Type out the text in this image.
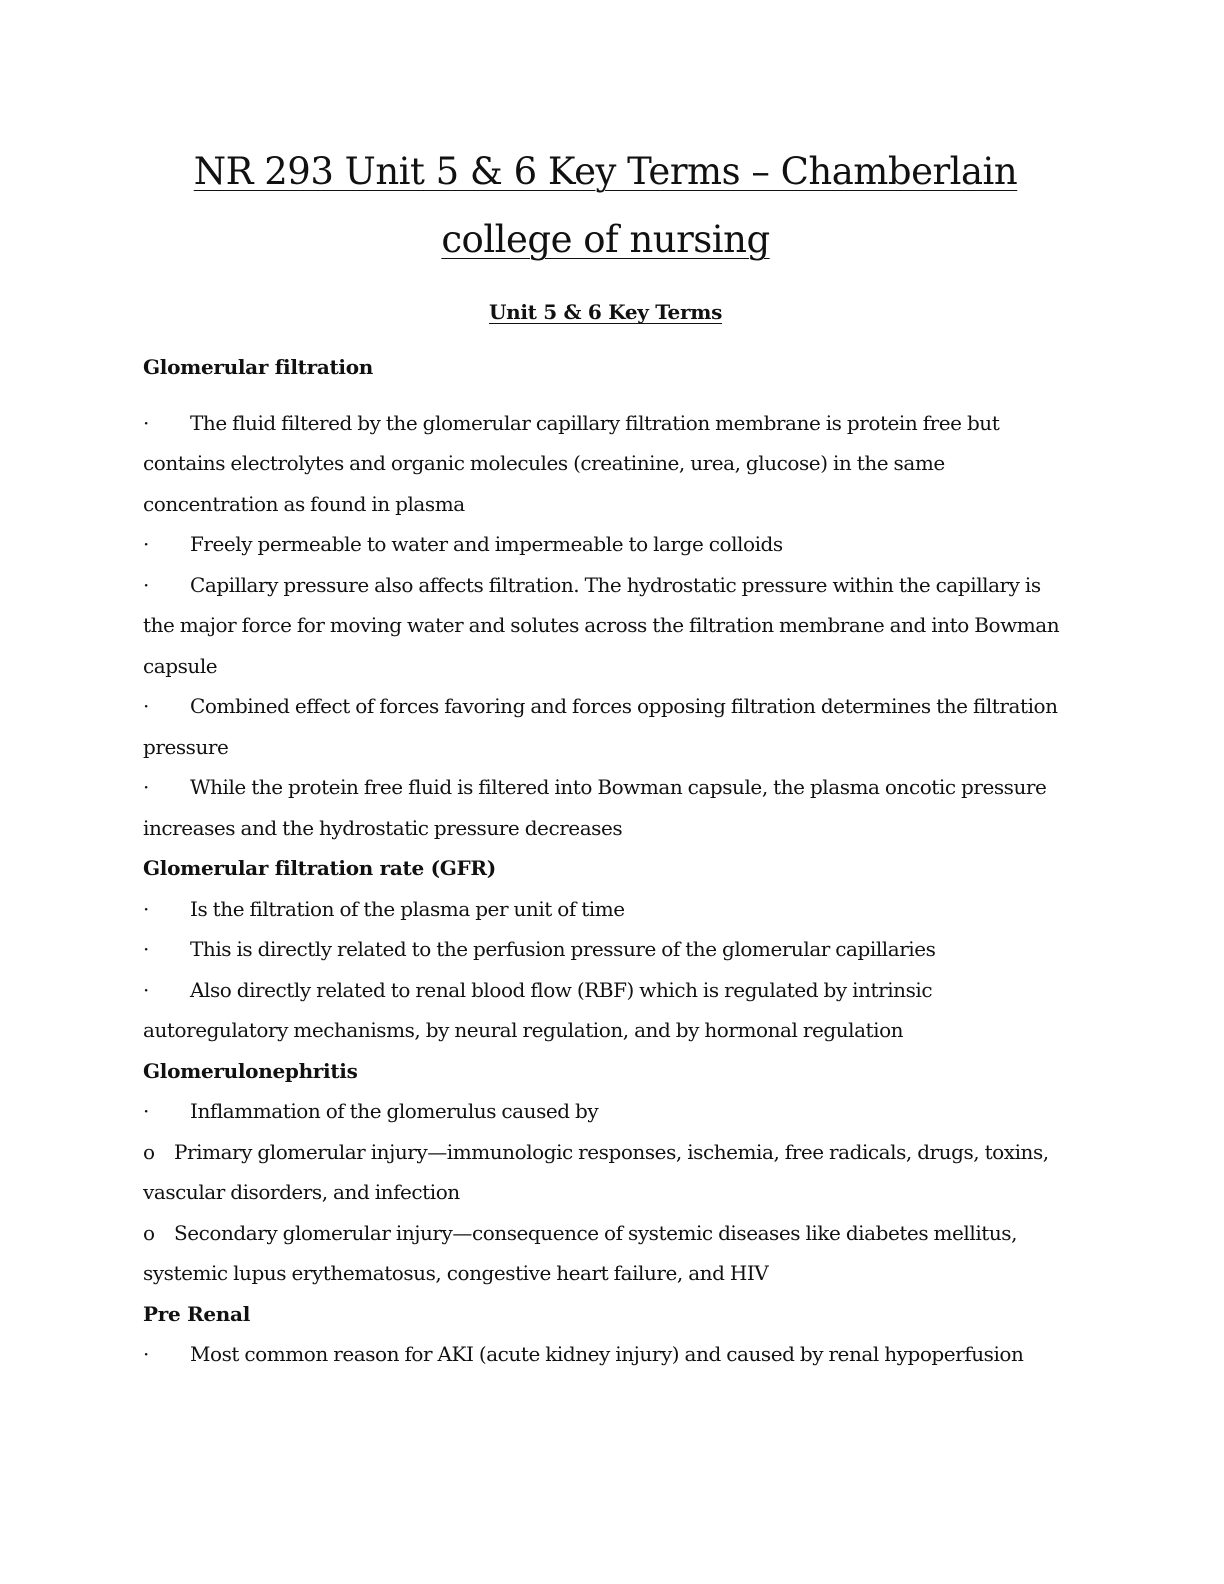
NR 293 Unit 5 & 6 Key Terms – Chamberlain college of nursing
Unit 5 & 6 Key Terms
Glomerular filtration
· The fluid filtered by the glomerular capillary filtration membrane is protein free but contains electrolytes and organic molecules (creatinine, urea, glucose) in the same concentration as found in plasma
· Freely permeable to water and impermeable to large colloids
· Capillary pressure also affects filtration. The hydrostatic pressure within the capillary is the major force for moving water and solutes across the filtration membrane and into Bowman capsule
· Combined effect of forces favoring and forces opposing filtration determines the filtration pressure
· While the protein free fluid is filtered into Bowman capsule, the plasma oncotic pressure increases and the hydrostatic pressure decreases
Glomerular filtration rate (GFR)
· Is the filtration of the plasma per unit of time
· This is directly related to the perfusion pressure of the glomerular capillaries
· Also directly related to renal blood flow (RBF) which is regulated by intrinsic autoregulatory mechanisms, by neural regulation, and by hormonal regulation
Glomerulonephritis
· Inflammation of the glomerulus caused by
o Primary glomerular injury—immunologic responses, ischemia, free radicals, drugs, toxins, vascular disorders, and infection
o Secondary glomerular injury—consequence of systemic diseases like diabetes mellitus, systemic lupus erythematosus, congestive heart failure, and HIV
Pre Renal
· Most common reason for AKI (acute kidney injury) and caused by renal hypoperfusion
